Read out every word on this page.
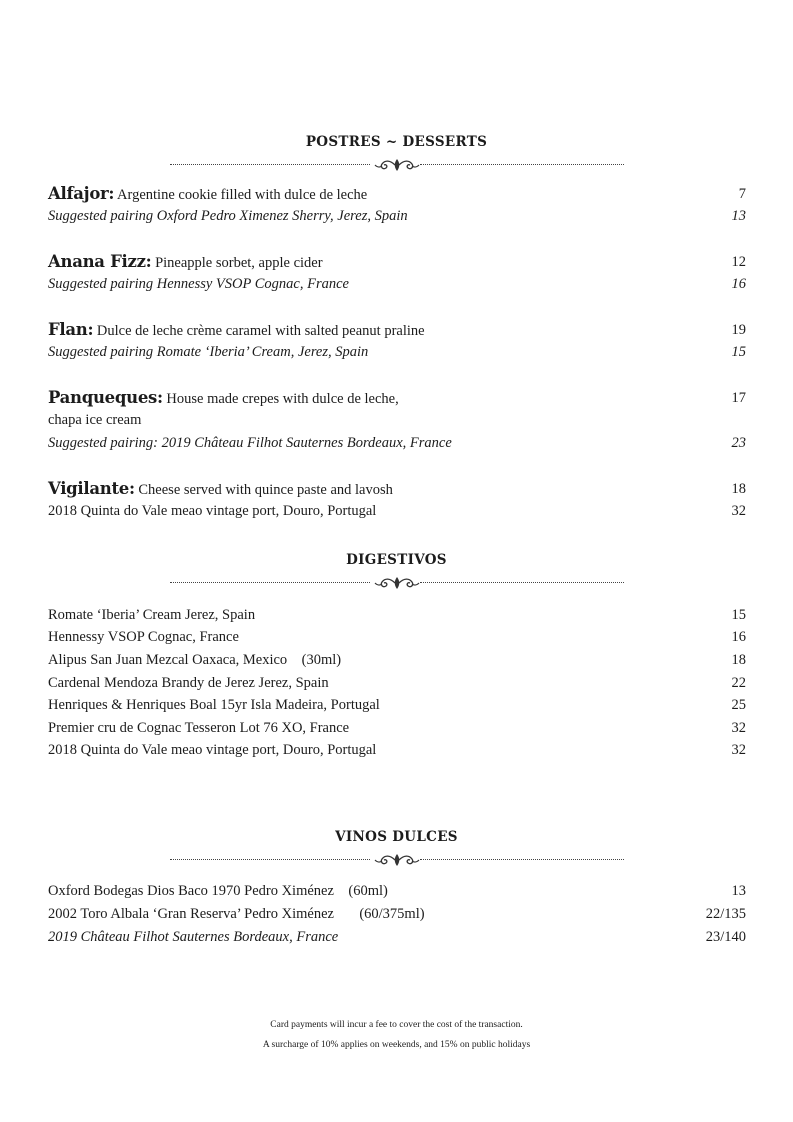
POSTRES ~ DESSERTS
Alfajor: Argentine cookie filled with dulce de leche	7
Suggested pairing Oxford Pedro Ximenez Sherry, Jerez, Spain	13
Anana Fizz: Pineapple sorbet, apple cider	12
Suggested pairing Hennessy VSOP Cognac, France	16
Flan: Dulce de leche crème caramel with salted peanut praline	19
Suggested pairing Romate ‘Iberia’ Cream, Jerez, Spain	15
Panqueques: House made crepes with dulce de leche,	17
chapa ice cream
Suggested pairing: 2019 Château Filhot Sauternes Bordeaux, France	23
Vigilante: Cheese served with quince paste and lavosh	18
2018 Quinta do Vale meao vintage port, Douro, Portugal	32
DIGESTIVOS
Romate ‘Iberia’ Cream Jerez, Spain	15
Hennessy VSOP Cognac, France	16
Alipus San Juan Mezcal Oaxaca, Mexico    (30ml)	18
Cardenal Mendoza Brandy de Jerez Jerez, Spain	22
Henriques & Henriques Boal 15yr Isla Madeira, Portugal	25
Premier cru de Cognac Tesseron Lot 76 XO, France	32
2018 Quinta do Vale meao vintage port, Douro, Portugal	32
VINOS DULCES
Oxford Bodegas Dios Baco 1970 Pedro Ximénez    (60ml)	13
2002 Toro Albala ‘Gran Reserva’ Pedro Ximénez       (60/375ml)	22/135
2019 Château Filhot Sauternes Bordeaux, France	23/140
Card payments will incur a fee to cover the cost of the transaction.
A surcharge of 10% applies on weekends, and 15% on public holidays
